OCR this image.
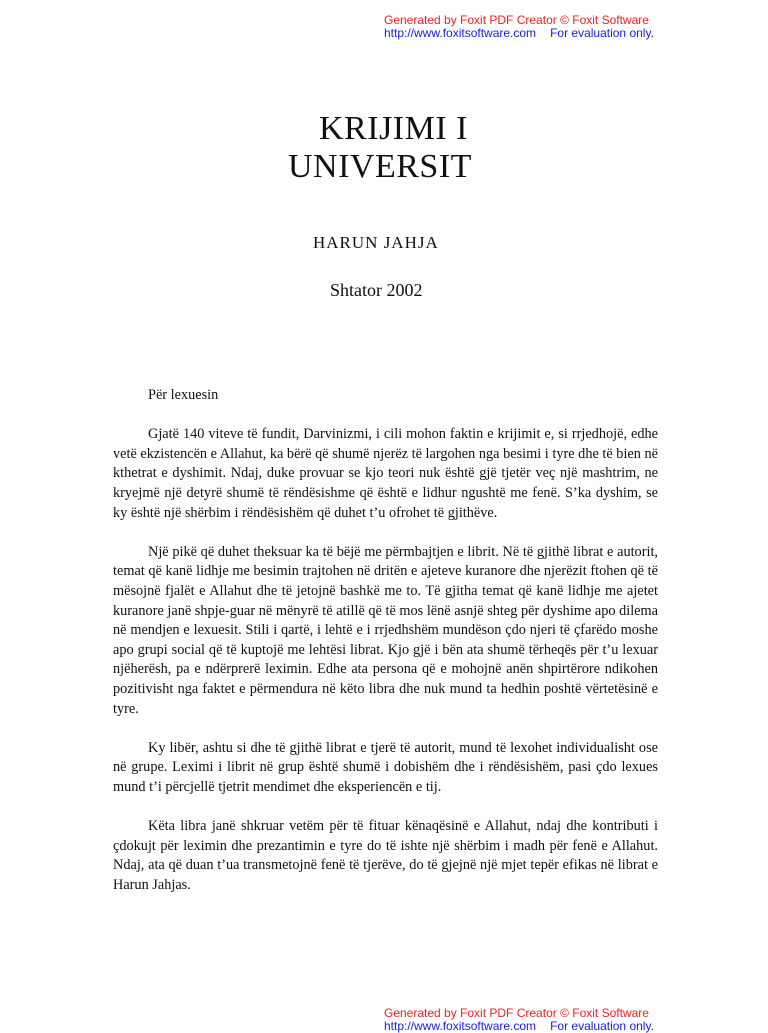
Generated by Foxit PDF Creator © Foxit Software
http://www.foxitsoftware.com For evaluation only.
KRIJIMI I
UNIVERSIT
HARUN JAHJA
Shtator 2002

Për lexuesin

Gjatë 140 viteve të fundit, Darvinizmi, i cili mohon faktin e krijimit e, si rrjedhojë, edhe vetë ekzistencën e Allahut, ka bërë që shumë njerëz të largohen nga besimi i tyre dhe të bien në kthetrat e dyshimit. Ndaj, duke provuar se kjo teori nuk është gjë tjetër veç një mashtrim, ne kryejmë një detyrë shumë të rëndësishme që është e lidhur ngushtë me fenë. S’ka dyshim, se ky është një shërbim i rëndësishëm që duhet t’u ofrohet të gjithëve.

Një pikë që duhet theksuar ka të bëjë me përmbajtjen e librit. Në të gjithë librat e autorit, temat që kanë lidhje me besimin trajtohen në dritën e ajeteve kuranore dhe njerëzit ftohen që të mësojnë fjalët e Allahut dhe të jetojnë bashkë me to. Të gjitha temat që kanë lidhje me ajetet kuranore janë shpje-guar në mënyrë të atillë që të mos lënë asnjë shteg për dyshime apo dilema në mendjen e lexuesit. Stili i qartë, i lehtë e i rrjedhshëm mundëson çdo njeri të çfarëdo moshe apo grupi social që të kuptojë me lehtësi librat. Kjo gjë i bën ata shumë tërheqës për t’u lexuar njëherësh, pa e ndërprerë leximin. Edhe ata persona që e mohojnë anën shpirtërore ndikohen pozitivisht nga faktet e përmendura në këto libra dhe nuk mund ta hedhin poshtë vërtetësinë e tyre.

Ky libër, ashtu si dhe të gjithë librat e tjerë të autorit, mund të lexohet individualisht ose në grupe. Leximi i librit në grup është shumë i dobishëm dhe i rëndësishëm, pasi çdo lexues mund t’i përcjellë tjetrit mendimet dhe eksperiencën e tij.

Këta libra janë shkruar vetëm për të fituar kënaqësinë e Allahut, ndaj dhe kontributi i çdokujt për leximin dhe prezantimin e tyre do të ishte një shërbim i madh për fenë e Allahut. Ndaj, ata që duan t’ua transmetojnë fenë të tjerëve, do të gjejnë një mjet tepër efikas në librat e Harun Jahjas.

Generated by Foxit PDF Creator © Foxit Software
http://www.foxitsoftware.com For evaluation only.
